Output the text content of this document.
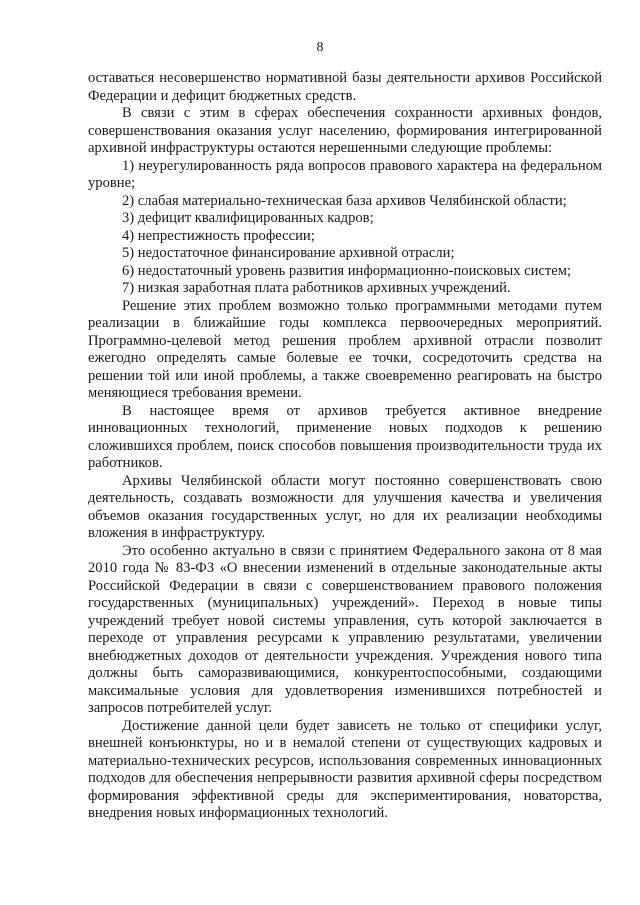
8

оставаться несовершенство нормативной базы деятельности архивов Российской Федерации и дефицит бюджетных средств.

В связи с этим в сферах обеспечения сохранности архивных фондов, совершенствования оказания услуг населению, формирования интегрированной архивной инфраструктуры остаются нерешенными следующие проблемы:

1) неурегулированность ряда вопросов правового характера на федеральном уровне;

2) слабая материально-техническая база архивов Челябинской области;

3) дефицит квалифицированных кадров;

4) непрестижность профессии;

5) недостаточное финансирование архивной отрасли;

6) недостаточный уровень развития информационно-поисковых систем;

7) низкая заработная плата работников архивных учреждений.

Решение этих проблем возможно только программными методами путем реализации в ближайшие годы комплекса первоочередных мероприятий. Программно-целевой метод решения проблем архивной отрасли позволит ежегодно определять самые болевые ее точки, сосредоточить средства на решении той или иной проблемы, а также своевременно реагировать на быстро меняющиеся требования времени.

В настоящее время от архивов требуется активное внедрение инновационных технологий, применение новых подходов к решению сложившихся проблем, поиск способов повышения производительности труда их работников.

Архивы Челябинской области могут постоянно совершенствовать свою деятельность, создавать возможности для улучшения качества и увеличения объемов оказания государственных услуг, но для их реализации необходимы вложения в инфраструктуру.

Это особенно актуально в связи с принятием Федерального закона от 8 мая 2010 года № 83-ФЗ «О внесении изменений в отдельные законодательные акты Российской Федерации в связи с совершенствованием правового положения государственных (муниципальных) учреждений». Переход в новые типы учреждений требует новой системы управления, суть которой заключается в переходе от управления ресурсами к управлению результатами, увеличении внебюджетных доходов от деятельности учреждения. Учреждения нового типа должны быть саморазвивающимися, конкурентоспособными, создающими максимальные условия для удовлетворения изменившихся потребностей и запросов потребителей услуг.

Достижение данной цели будет зависеть не только от специфики услуг, внешней конъюнктуры, но и в немалой степени от существующих кадровых и материально-технических ресурсов, использования современных инновационных подходов для обеспечения непрерывности развития архивной сферы посредством формирования эффективной среды для экспериментирования, новаторства, внедрения новых информационных технологий.
